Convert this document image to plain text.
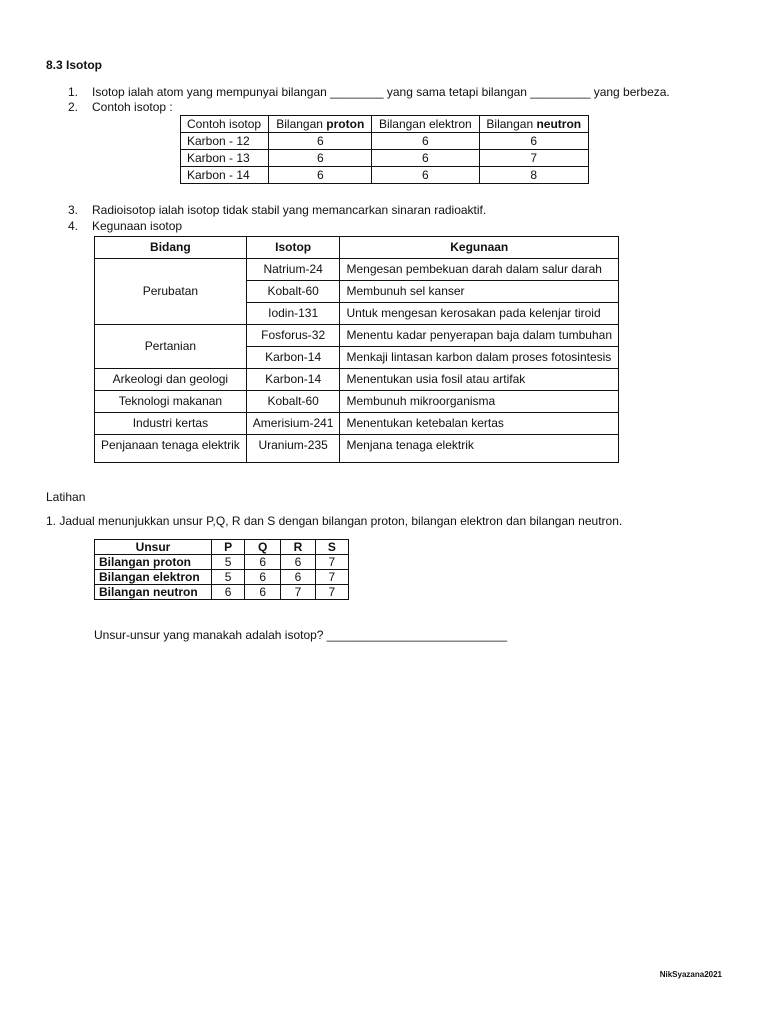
8.3 Isotop
1. Isotop ialah atom yang mempunyai bilangan ________ yang sama tetapi bilangan _________ yang berbeza.
2. Contoh isotop :
Contoh isotop	Bilangan proton	Bilangan elektron	Bilangan neutron
Karbon - 12	6	6	6
Karbon - 13	6	6	7
Karbon - 14	6	6	8
3. Radioisotop ialah isotop tidak stabil yang memancarkan sinaran radioaktif.
4. Kegunaan isotop
Bidang	Isotop	Kegunaan
Perubatan	Natrium-24	Mengesan pembekuan darah dalam salur darah
	Kobalt-60	Membunuh sel kanser
	Iodin-131	Untuk mengesan kerosakan pada kelenjar tiroid
Pertanian	Fosforus-32	Menentu kadar penyerapan baja dalam tumbuhan
	Karbon-14	Menkaji lintasan karbon dalam proses fotosintesis
Arkeologi dan geologi	Karbon-14	Menentukan usia fosil atau artifak
Teknologi makanan	Kobalt-60	Membunuh mikroorganisma
Industri kertas	Amerisium-241	Menentukan ketebalan kertas
Penjanaan tenaga elektrik	Uranium-235	Menjana tenaga elektrik
Latihan
1. Jadual menunjukkan unsur P,Q, R dan S dengan bilangan proton, bilangan elektron dan bilangan neutron.
Unsur	P	Q	R	S
Bilangan proton	5	6	6	7
Bilangan elektron	5	6	6	7
Bilangan neutron	6	6	7	7
Unsur-unsur yang manakah adalah isotop? ___________________________
NikSyazana2021
